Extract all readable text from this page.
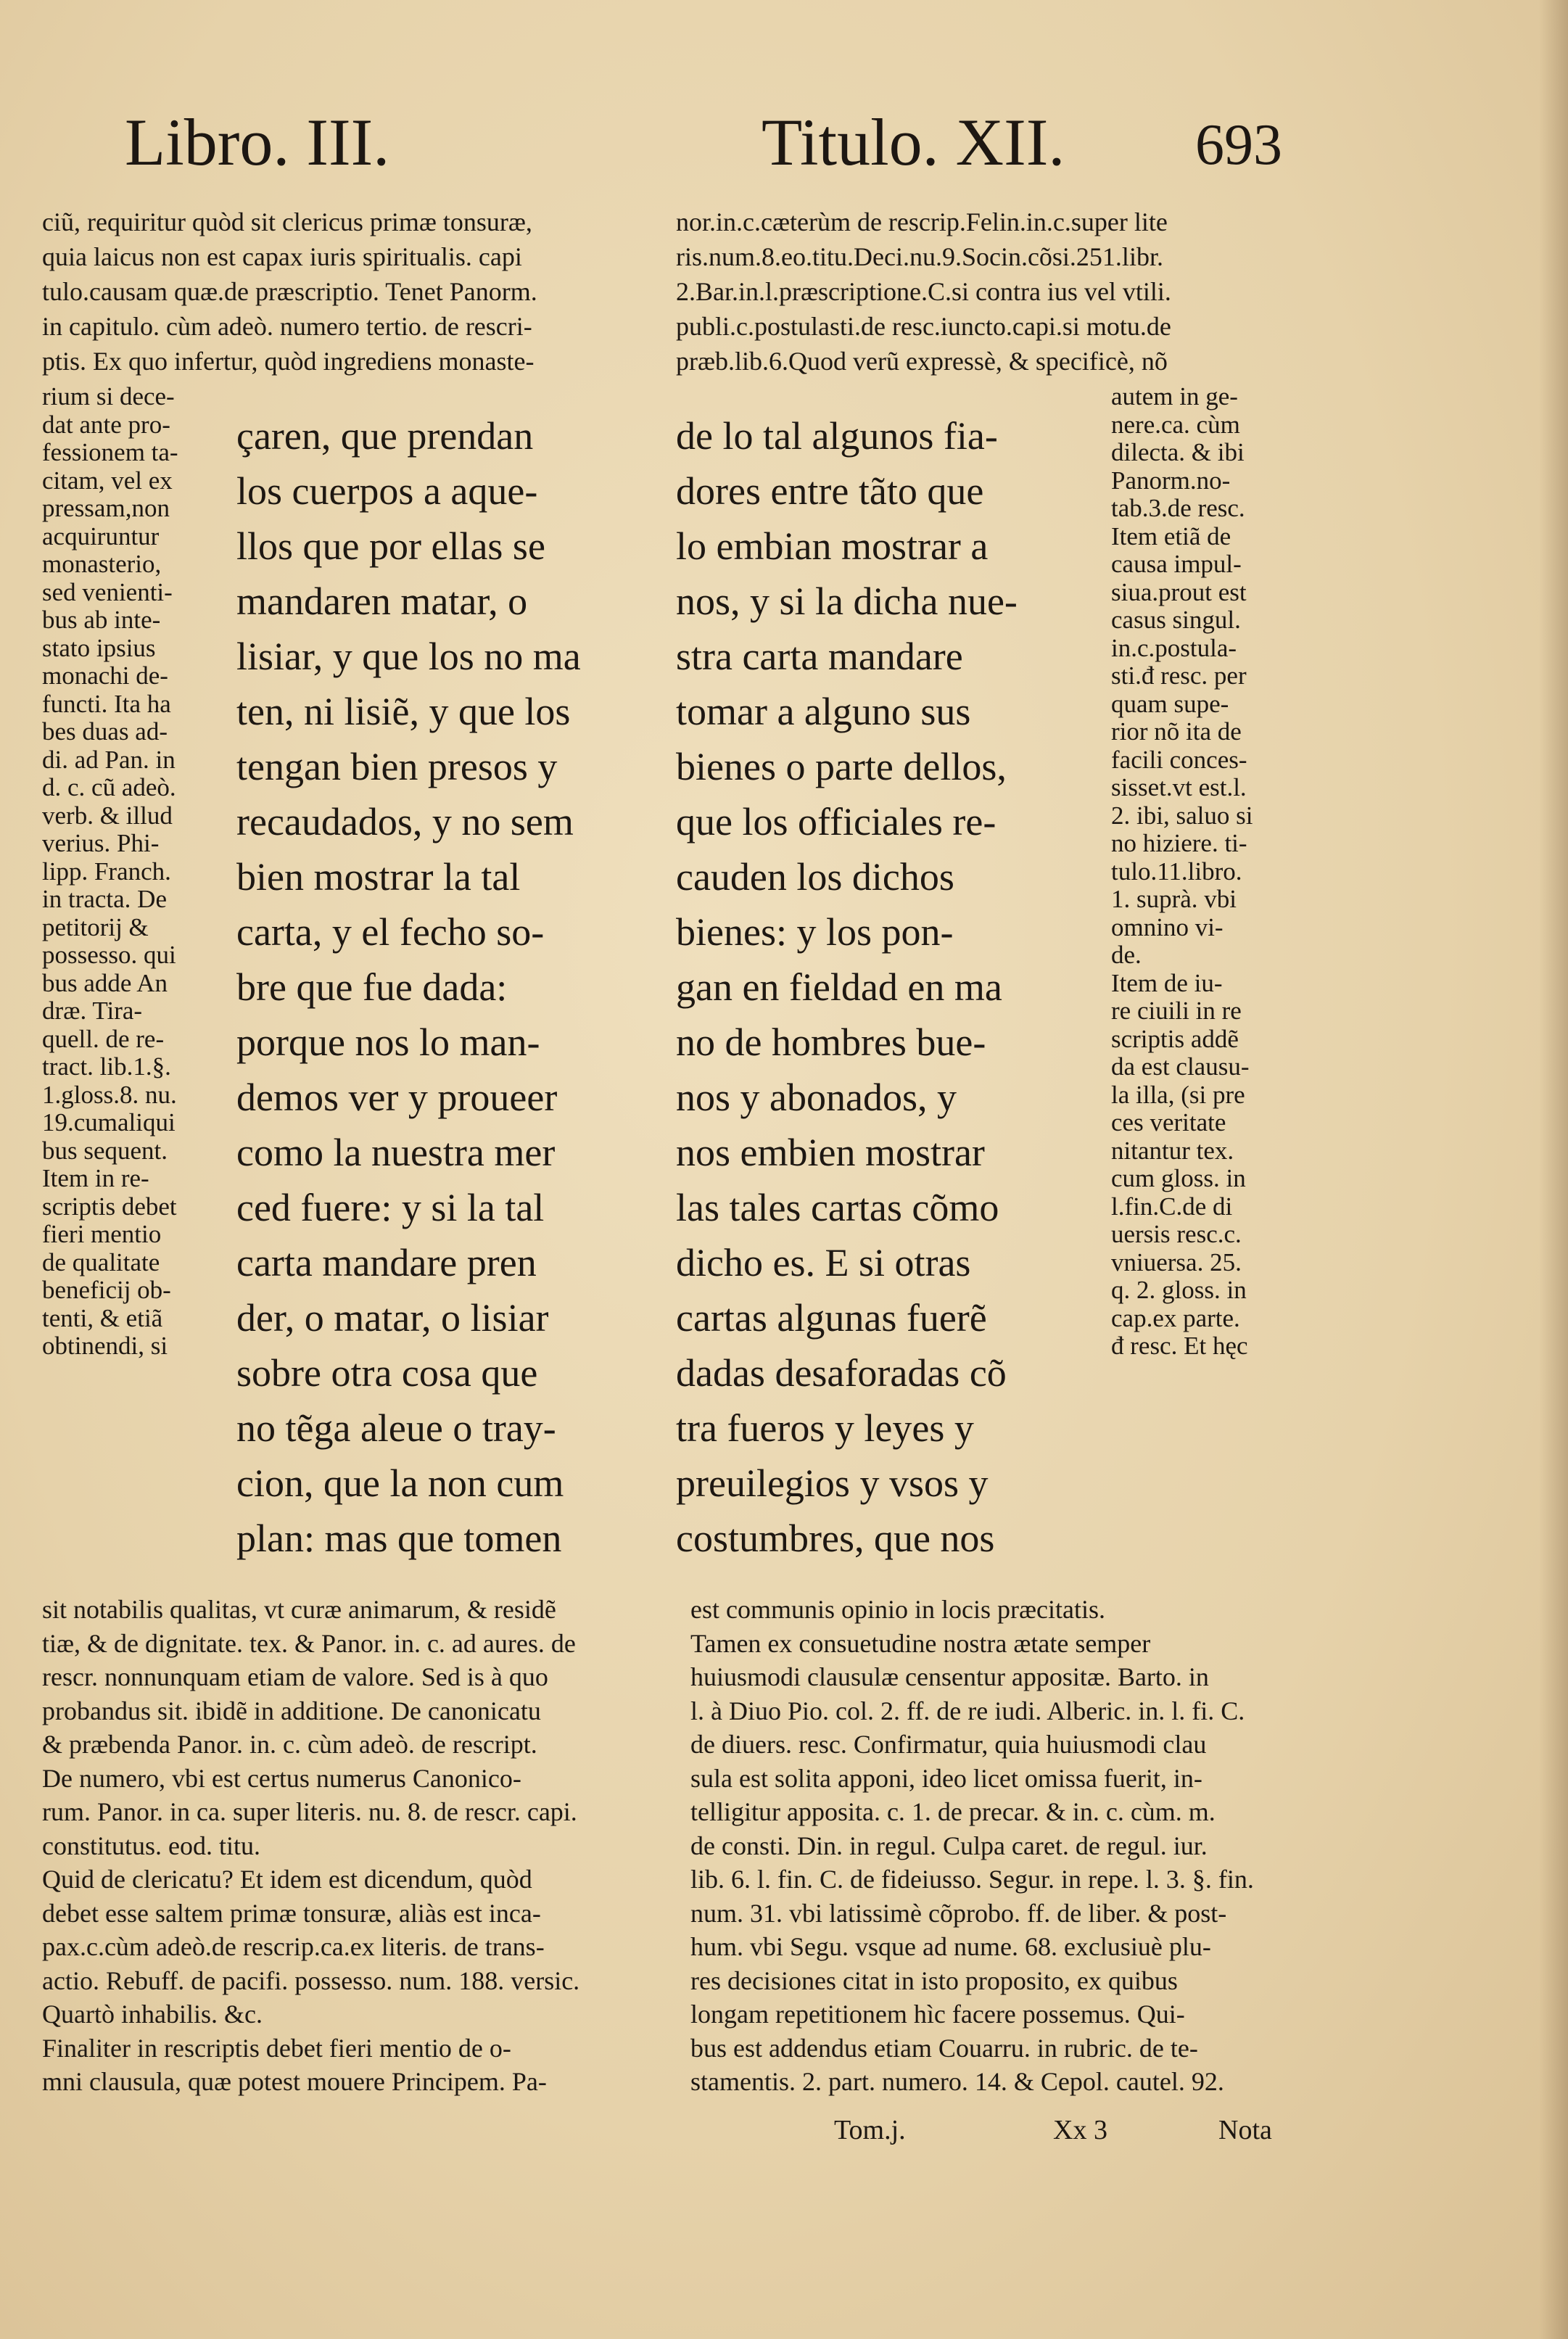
Libro. III.	Titulo. XII. 693
ciũ, requiritur quòd sit clericus primæ tonsuræ,
quia laicus non est capax iuris spiritualis. capi
tulo.causam quæ.de præscriptio. Tenet Panorm.
in capitulo. cùm adeò. numero tertio. de rescri-
ptis. Ex quo infertur, quòd ingrediens monaste-
nor.in.c.cæterùm de rescrip.Felin.in.c.super lite
ris.num.8.eo.titu.Deci.nu.9.Socin.cõsi.251.libr.
2.Bar.in.l.præscriptione.C.si contra ius vel vtili.
publi.c.postulasti.de resc.iuncto.capi.si motu.de
præb.lib.6.Quod verũ expressè, & specificè, nõ
rium si dece-
dat ante pro-
fessionem ta-
citam, vel ex
pressam,non
acquiruntur
monasterio,
sed venienti-
bus ab inte-
stato ipsius
monachi de-
functi. Ita ha
bes duas ad-
di. ad Pan. in
d. c. cũ adeò.
verb. & illud
verius. Phi-
lipp. Franch.
in tracta. De
petitorij &
possesso. qui
bus adde An
dræ. Tira-
quell. de re-
tract. lib.1.§.
1.gloss.8. nu.
19.cumaliqui
bus sequent.
Item in re-
scriptis debet
fieri mentio
de qualitate
beneficij ob-
tenti, & etiã
obtinendi, si
çaren, que prendan
los cuerpos a aque-
llos que por ellas se
mandaren matar, o
lisiar, y que los no ma
ten, ni lisiẽ, y que los
tengan bien presos y
recaudados, y no sem
bien mostrar la tal
carta, y el fecho so-
bre que fue dada:
porque nos lo man-
demos ver y proueer
como la nuestra mer
ced fuere: y si la tal
carta mandare pren
der, o matar, o lisiar
sobre otra cosa que
no tẽga aleue o tray-
cion, que la non cum
plan: mas que tomen
de lo tal algunos fia-
dores entre tãto que
lo embian mostrar a
nos, y si la dicha nue-
stra carta mandare
tomar a alguno sus
bienes o parte dellos,
que los officiales re-
cauden los dichos
bienes: y los pon-
gan en fieldad en ma
no de hombres bue-
nos y abonados, y
nos embien mostrar
las tales cartas cõmo
dicho es. E si otras
cartas algunas fuerẽ
dadas desaforadas cõ
tra fueros y leyes y
preuilegios y vsos y
costumbres, que nos
autem in ge-
nere.ca. cùm
dilecta. & ibi
Panorm.no-
tab.3.de resc.
Item etiã de
causa impul-
siua.prout est
casus singul.
in.c.postula-
sti.đ resc. per
quam supe-
rior nõ ita de
facili conces-
sisset.vt est.l.
2. ibi, saluo si
no hiziere. ti-
tulo.11.libro.
1. suprà. vbi
omnino vi-
de.
Item de iu-
re ciuili in re
scriptis addẽ
da est clausu-
la illa, (si pre
ces veritate
nitantur tex.
cum gloss. in
l.fin.C.de di
uersis resc.c.
vniuersa. 25.
q. 2. gloss. in
cap.ex parte.
đ resc. Et hęc
sit notabilis qualitas, vt curæ animarum, & residẽ
tiæ, & de dignitate. tex. & Panor. in. c. ad aures. de
rescr. nonnunquam etiam de valore. Sed is à quo
probandus sit. ibidẽ in additione. De canonicatu
& præbenda Panor. in. c. cùm adeò. de rescript.
De numero, vbi est certus numerus Canonico-
rum. Panor. in ca. super literis. nu. 8. de rescr. capi.
constitutus. eod. titu.
Quid de clericatu? Et idem est dicendum, quòd
debet esse saltem primæ tonsuræ, aliàs est inca-
pax.c.cùm adeò.de rescrip.ca.ex literis. de trans-
actio. Rebuff. de pacifi. possesso. num. 188. versic.
Quartò inhabilis. &c.
Finaliter in rescriptis debet fieri mentio de o-
mni clausula, quæ potest mouere Principem. Pa-
est communis opinio in locis præcitatis.
Tamen ex consuetudine nostra ætate semper
huiusmodi clausulæ censentur appositæ. Barto. in
l. à Diuo Pio. col. 2. ff. de re iudi. Alberic. in. l. fi. C.
de diuers. resc. Confirmatur, quia huiusmodi clau
sula est solita apponi, ideo licet omissa fuerit, in-
telligitur apposita. c. 1. de precar. & in. c. cùm. m.
de consti. Din. in regul. Culpa caret. de regul. iur.
lib. 6. l. fin. C. de fideiusso. Segur. in repe. l. 3. §. fin.
num. 31. vbi latissimè cõprobo. ff. de liber. & post-
hum. vbi Segu. vsque ad nume. 68. exclusiuè plu-
res decisiones citat in isto proposito, ex quibus
longam repetitionem hìc facere possemus. Qui-
bus est addendus etiam Couarru. in rubric. de te-
stamentis. 2. part. numero. 14. & Cepol. cautel. 92.
Tom.j.	Xx 3	Nota
